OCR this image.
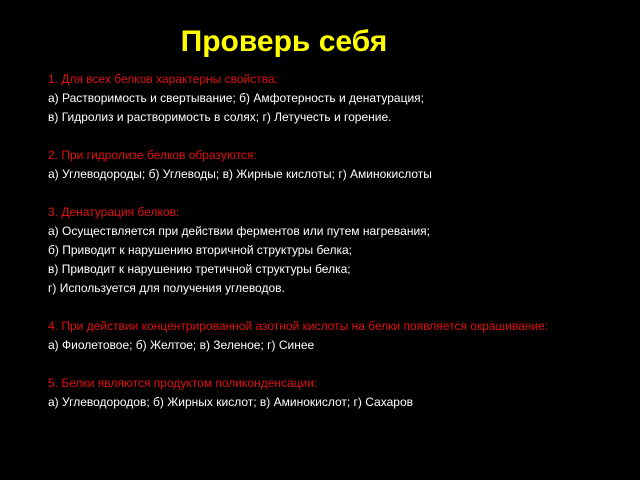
Проверь себя
1. Для всех белков характерны свойства:
а) Растворимость и свертывание; б) Амфотерность и денатурация;
в) Гидролиз и растворимость в солях; г) Летучесть и горение.
2. При гидролизе белков образуются:
а) Углеводороды; б) Углеводы; в) Жирные кислоты; г) Аминокислоты
3. Денатурация белков:
а) Осуществляется при действии ферментов или путем нагревания;
б) Приводит к нарушению вторичной структуры белка;
в) Приводит к нарушению третичной структуры белка;
г) Используется для получения углеводов.
4. При действии концентрированной азотной кислоты на белки появляется окрашивание:
а) Фиолетовое; б) Желтое; в) Зеленое; г) Синее
5. Белки являются продуктом поликонденсации:
а) Углеводородов; б) Жирных кислот; в) Аминокислот; г) Сахаров
